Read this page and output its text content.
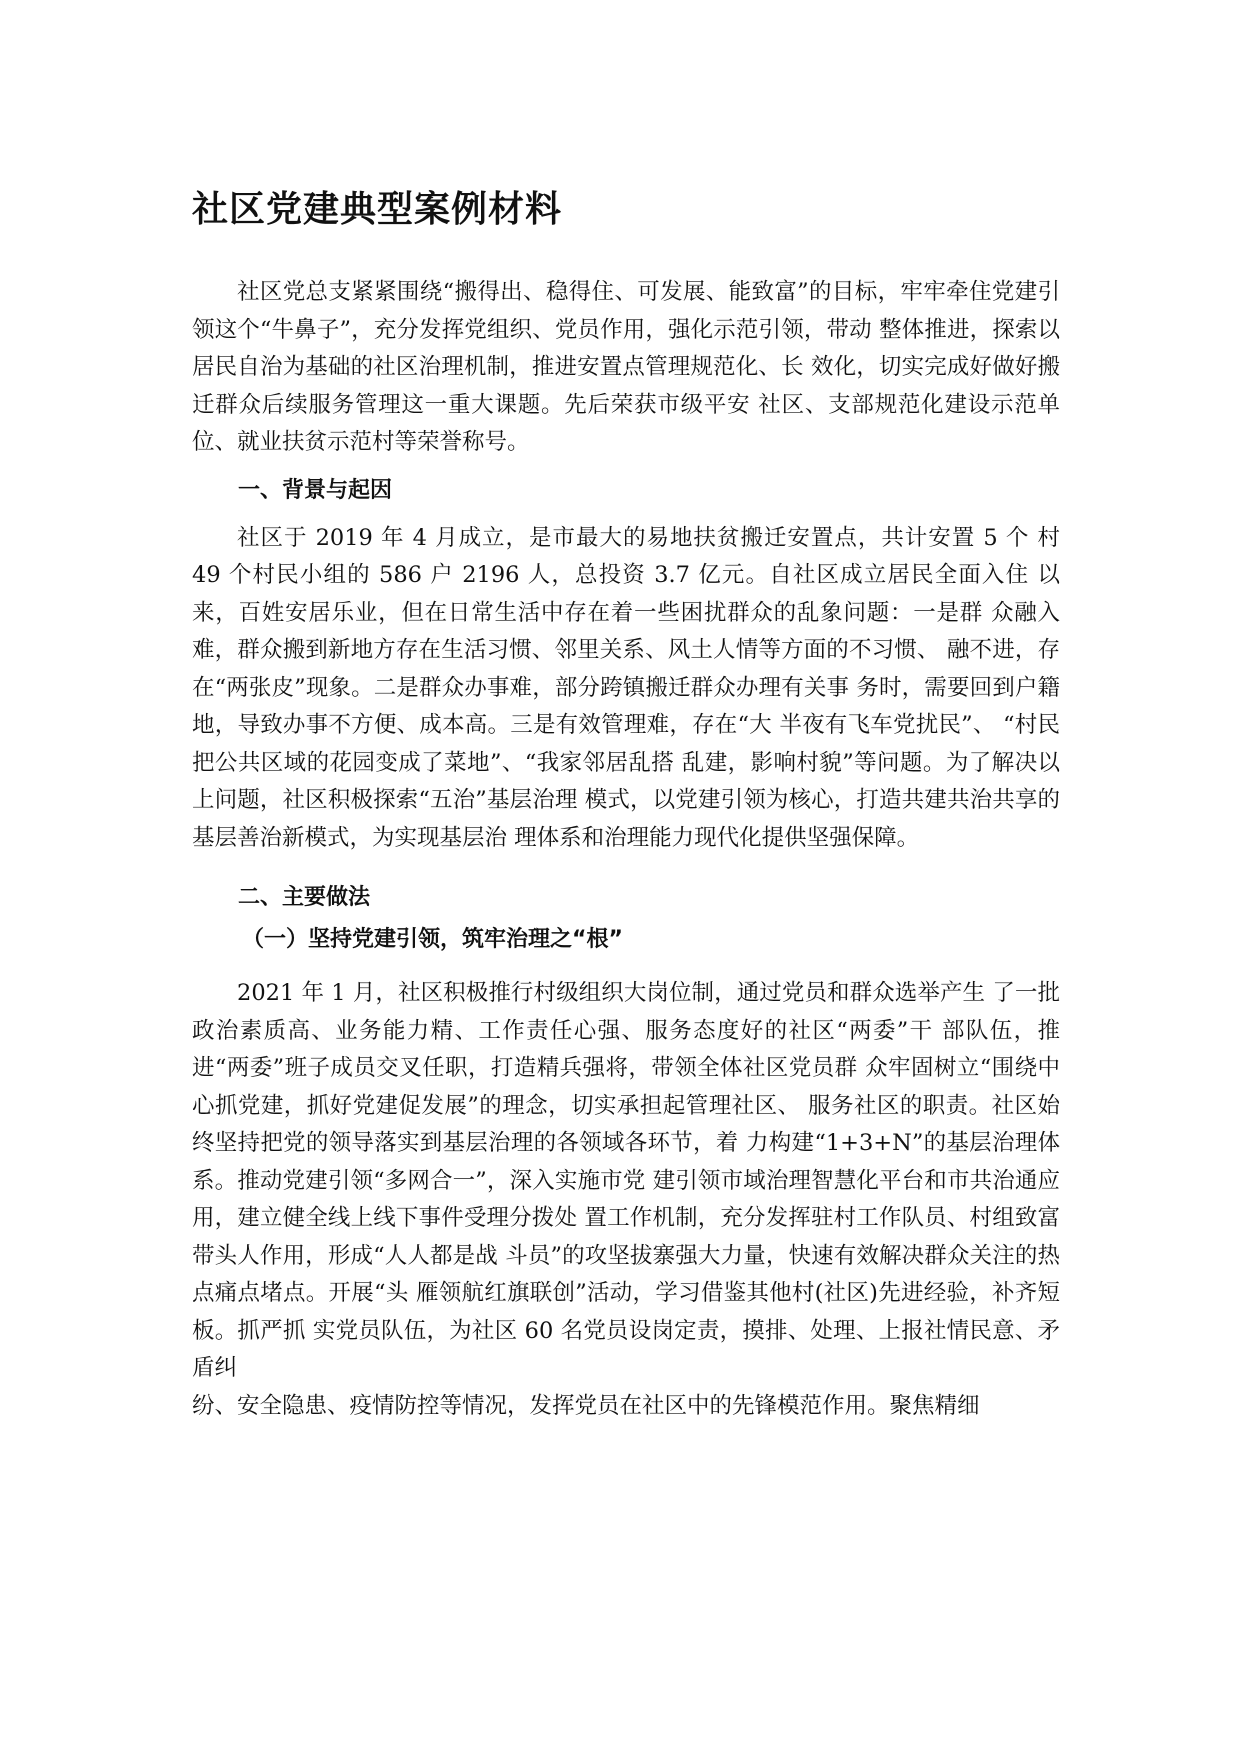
社区党建典型案例材料

社区党总支紧紧围绕“搬得出、稳得住、可发展、能致富”的目标，牢牢牵住党建引领这个“牛鼻子”，充分发挥党组织、党员作用，强化示范引领，带动 整体推进，探索以居民自治为基础的社区治理机制，推进安置点管理规范化、长 效化，切实完成好做好搬迁群众后续服务管理这一重大课题。先后荣获市级平安 社区、支部规范化建设示范单位、就业扶贫示范村等荣誉称号。

一、背景与起因

社区于 2019 年 4 月成立，是市最大的易地扶贫搬迁安置点，共计安置 5 个 村 49 个村民小组的 586 户 2196 人，总投资 3.7 亿元。自社区成立居民全面入住 以来，百姓安居乐业，但在日常生活中存在着一些困扰群众的乱象问题：一是群 众融入难，群众搬到新地方存在生活习惯、邻里关系、风土人情等方面的不习惯、 融不进，存在“两张皮”现象。二是群众办事难，部分跨镇搬迁群众办理有关事 务时，需要回到户籍地，导致办事不方便、成本高。三是有效管理难，存在“大 半夜有飞车党扰民”、 “村民把公共区域的花园变成了菜地”、“我家邻居乱搭 乱建，影响村貌”等问题。为了解决以上问题，社区积极探索“五治”基层治理 模式，以党建引领为核心，打造共建共治共享的基层善治新模式，为实现基层治 理体系和治理能力现代化提供坚强保障。

二、主要做法
（一）坚持党建引领，筑牢治理之“根”

2021 年 1 月，社区积极推行村级组织大岗位制，通过党员和群众选举产生 了一批政治素质高、业务能力精、工作责任心强、服务态度好的社区“两委”干 部队伍，推进“两委”班子成员交叉任职，打造精兵强将，带领全体社区党员群 众牢固树立“围绕中心抓党建，抓好党建促发展”的理念，切实承担起管理社区、 服务社区的职责。社区始终坚持把党的领导落实到基层治理的各领域各环节，着 力构建“1+3+N”的基层治理体系。推动党建引领“多网合一”，深入实施市党 建引领市域治理智慧化平台和市共治通应用，建立健全线上线下事件受理分拨处 置工作机制，充分发挥驻村工作队员、村组致富带头人作用，形成“人人都是战 斗员”的攻坚拔寨强大力量，快速有效解决群众关注的热点痛点堵点。开展“头 雁领航红旗联创”活动，学习借鉴其他村(社区)先进经验，补齐短板。抓严抓 实党员队伍，为社区 60 名党员设岗定责，摸排、处理、上报社情民意、矛盾纠

纷、安全隐患、疫情防控等情况，发挥党员在社区中的先锋模范作用。聚焦精细
